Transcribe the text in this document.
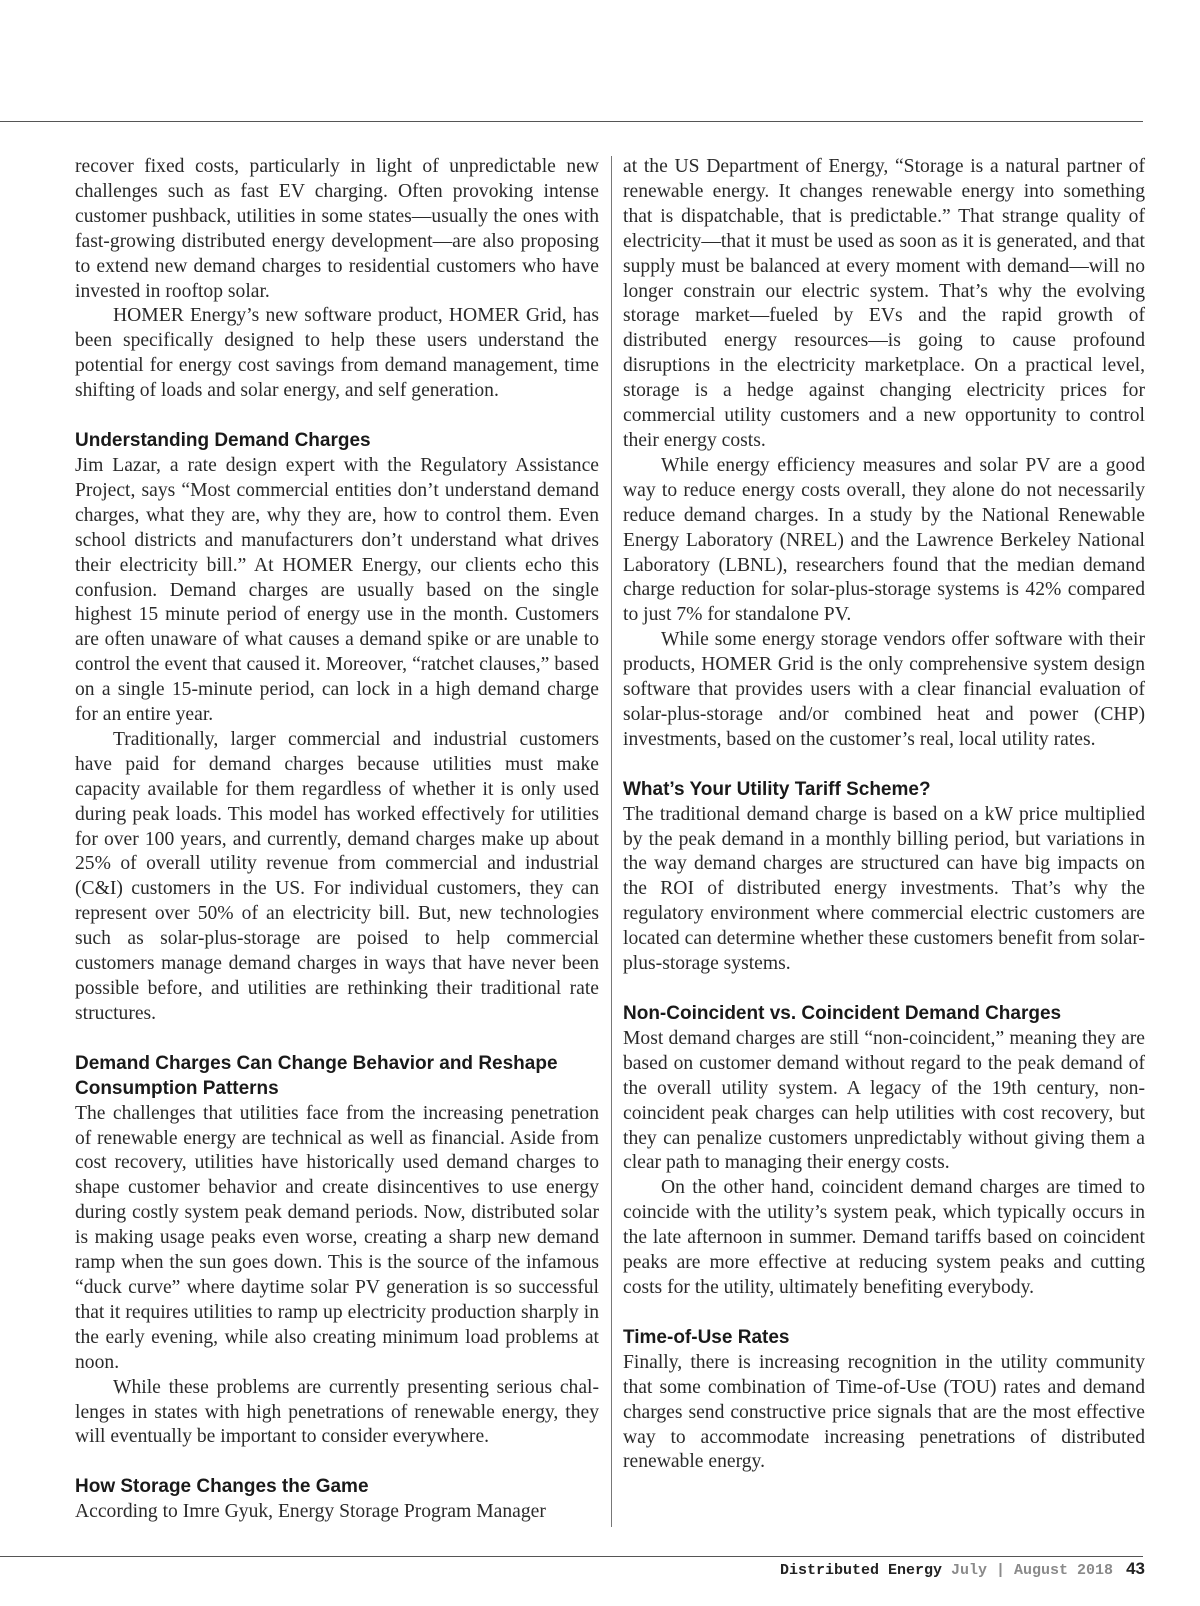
recover fixed costs, particularly in light of unpredictable new challenges such as fast EV charging. Often provoking intense customer pushback, utilities in some states—usually the ones with fast-growing distributed energy development—are also proposing to extend new demand charges to residential customers who have invested in rooftop solar.

HOMER Energy’s new software product, HOMER Grid, has been specifically designed to help these users understand the potential for energy cost savings from demand management, time shifting of loads and solar energy, and self generation.

Understanding Demand Charges

Jim Lazar, a rate design expert with the Regulatory Assistance Project, says “Most commercial entities don’t understand demand charges, what they are, why they are, how to control them. Even school districts and manufacturers don’t understand what drives their electricity bill.” At HOMER Energy, our clients echo this confusion. Demand charges are usually based on the single highest 15 minute period of energy use in the month. Customers are often unaware of what causes a demand spike or are unable to control the event that caused it. Moreover, “ratchet clauses,” based on a single 15-minute period, can lock in a high demand charge for an entire year.

Traditionally, larger commercial and industrial customers have paid for demand charges because utilities must make capacity available for them regardless of whether it is only used during peak loads. This model has worked effectively for utilities for over 100 years, and currently, demand charges make up about 25% of overall utility revenue from commercial and industrial (C&I) customers in the US. For individual customers, they can represent over 50% of an electricity bill. But, new technologies such as solar-plus-storage are poised to help commercial customers manage demand charges in ways that have never been possible before, and utilities are rethinking their traditional rate structures.

Demand Charges Can Change Behavior and Reshape Consumption Patterns

The challenges that utilities face from the increasing penetration of renewable energy are technical as well as financial. Aside from cost recovery, utilities have historically used demand charges to shape customer behavior and create disincentives to use energy during costly system peak demand periods. Now, distributed solar is making usage peaks even worse, creating a sharp new demand ramp when the sun goes down. This is the source of the infamous “duck curve” where daytime solar PV generation is so successful that it requires utilities to ramp up electricity production sharply in the early evening, while also creating minimum load problems at noon.

While these problems are currently presenting serious challenges in states with high penetrations of renewable energy, they will eventually be important to consider everywhere.

How Storage Changes the Game

According to Imre Gyuk, Energy Storage Program Manager

at the US Department of Energy, “Storage is a natural partner of renewable energy. It changes renewable energy into something that is dispatchable, that is predictable.” That strange quality of electricity—that it must be used as soon as it is generated, and that supply must be balanced at every moment with demand—will no longer constrain our electric system. That’s why the evolving storage market—fueled by EVs and the rapid growth of distributed energy resources—is going to cause profound disruptions in the electricity marketplace. On a practical level, storage is a hedge against changing electricity prices for commercial utility customers and a new opportunity to control their energy costs.

While energy efficiency measures and solar PV are a good way to reduce energy costs overall, they alone do not necessarily reduce demand charges. In a study by the National Renewable Energy Laboratory (NREL) and the Lawrence Berkeley National Laboratory (LBNL), researchers found that the median demand charge reduction for solar-plus-storage systems is 42% compared to just 7% for standalone PV.

While some energy storage vendors offer software with their products, HOMER Grid is the only comprehensive system design software that provides users with a clear financial evaluation of solar-plus-storage and/or combined heat and power (CHP) investments, based on the customer’s real, local utility rates.

What’s Your Utility Tariff Scheme?

The traditional demand charge is based on a kW price multiplied by the peak demand in a monthly billing period, but variations in the way demand charges are structured can have big impacts on the ROI of distributed energy investments. That’s why the regulatory environment where commercial electric customers are located can determine whether these customers benefit from solar-plus-storage systems.

Non-Coincident vs. Coincident Demand Charges

Most demand charges are still “non-coincident,” meaning they are based on customer demand without regard to the peak demand of the overall utility system. A legacy of the 19th century, non-coincident peak charges can help utilities with cost recovery, but they can penalize customers unpredictably without giving them a clear path to managing their energy costs.

On the other hand, coincident demand charges are timed to coincide with the utility’s system peak, which typically occurs in the late afternoon in summer. Demand tariffs based on coincident peaks are more effective at reducing system peaks and cutting costs for the utility, ultimately benefiting everybody.

Time-of-Use Rates

Finally, there is increasing recognition in the utility community that some combination of Time-of-Use (TOU) rates and demand charges send constructive price signals that are the most effective way to accommodate increasing penetrations of distributed renewable energy.

Distributed Energy July | August 2018 43
